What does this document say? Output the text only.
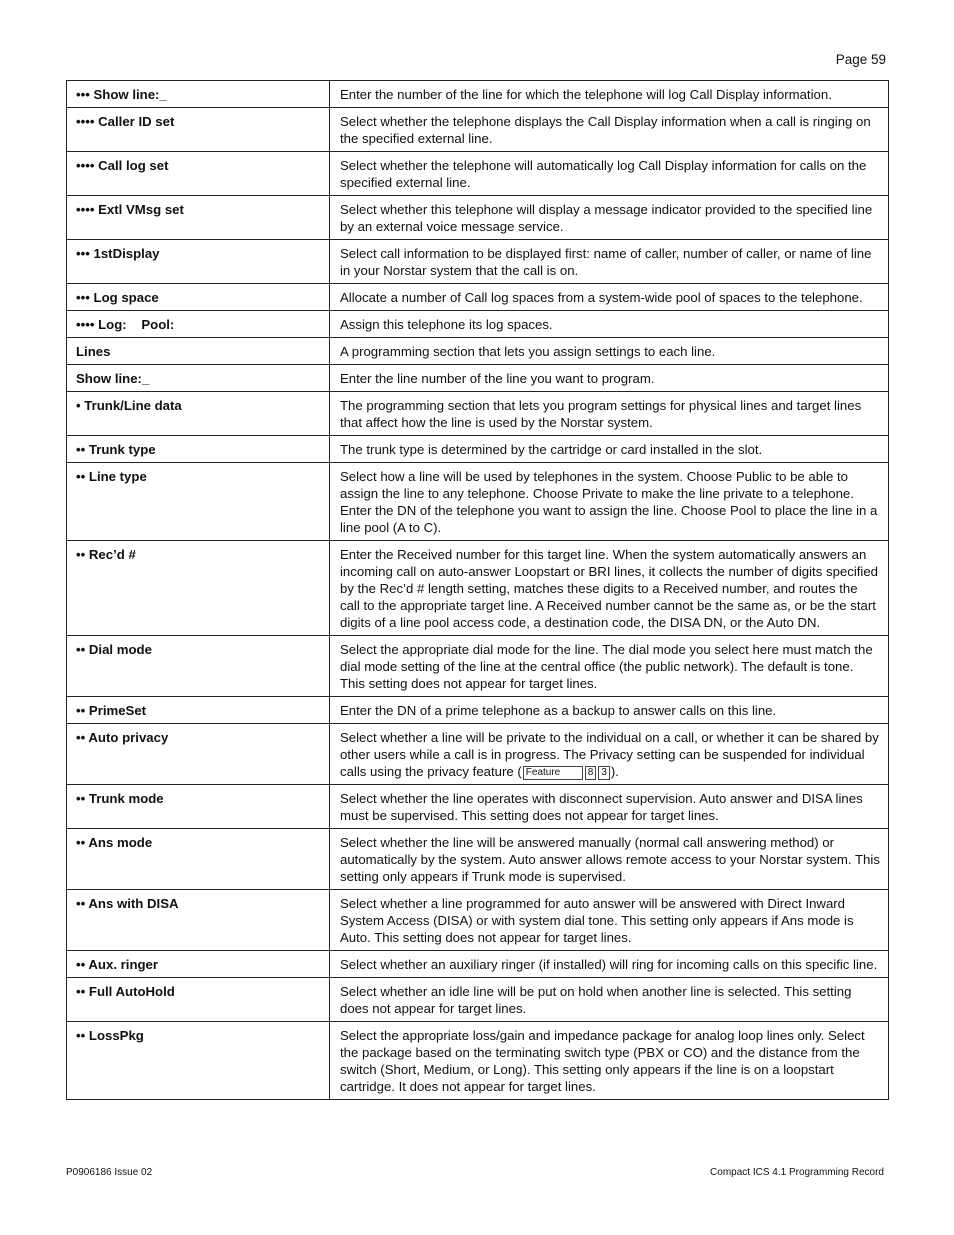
Page 59
••• Show line:_	Enter the number of the line for which the telephone will log Call Display information.
•••• Caller ID set	Select whether the telephone displays the Call Display information when a call is ringing on the specified external line.
•••• Call log set	Select whether the telephone will automatically log Call Display information for calls on the specified external line.
•••• Extl VMsg set	Select whether this telephone will display a message indicator provided to the specified line by an external voice message service.
••• 1stDisplay	Select call information to be displayed first: name of caller, number of caller, or name of line in your Norstar system that the call is on.
••• Log space	Allocate a number of Call log spaces from a system-wide pool of spaces to the telephone.
•••• Log:    Pool:	Assign this telephone its log spaces.
Lines	A programming section that lets you assign settings to each line.
Show line:_	Enter the line number of the line you want to program.
• Trunk/Line data	The programming section that lets you program settings for physical lines and target lines that affect how the line is used by the Norstar system.
•• Trunk type	The trunk type is determined by the cartridge or card installed in the slot.
•• Line type	Select how a line will be used by telephones in the system. Choose Public to be able to assign the line to any telephone. Choose Private to make the line private to a telephone. Enter the DN of the telephone you want to assign the line. Choose Pool to place the line in a line pool (A to C).
•• Rec’d #	Enter the Received number for this target line. When the system automatically answers an incoming call on auto-answer Loopstart or BRI lines, it collects the number of digits specified by the Rec’d # length setting, matches these digits to a Received number, and routes the call to the appropriate target line. A Received number cannot be the same as, or be the start digits of a line pool access code, a destination code, the DISA DN, or the Auto DN.
•• Dial mode	Select the appropriate dial mode for the line. The dial mode you select here must match the dial mode setting of the line at the central office (the public network). The default is tone. This setting does not appear for target lines.
•• PrimeSet	Enter the DN of a prime telephone as a backup to answer calls on this line.
•• Auto privacy	Select whether a line will be private to the individual on a call, or whether it can be shared by other users while a call is in progress. The Privacy setting can be suspended for individual calls using the privacy feature ( Feature 8 3 ).
•• Trunk mode	Select whether the line operates with disconnect supervision. Auto answer and DISA lines must be supervised. This setting does not appear for target lines.
•• Ans mode	Select whether the line will be answered manually (normal call answering method) or automatically by the system. Auto answer allows remote access to your Norstar system. This setting only appears if Trunk mode is supervised.
•• Ans with DISA	Select whether a line programmed for auto answer will be answered with Direct Inward System Access (DISA) or with system dial tone. This setting only appears if Ans mode is Auto. This setting does not appear for target lines.
•• Aux. ringer	Select whether an auxiliary ringer (if installed) will ring for incoming calls on this specific line.
•• Full AutoHold	Select whether an idle line will be put on hold when another line is selected. This setting does not appear for target lines.
•• LossPkg	Select the appropriate loss/gain and impedance package for analog loop lines only. Select the package based on the terminating switch type (PBX or CO) and the distance from the switch (Short, Medium, or Long). This setting only appears if the line is on a loopstart cartridge. It does not appear for target lines.
P0906186 Issue 02	Compact ICS 4.1 Programming Record
